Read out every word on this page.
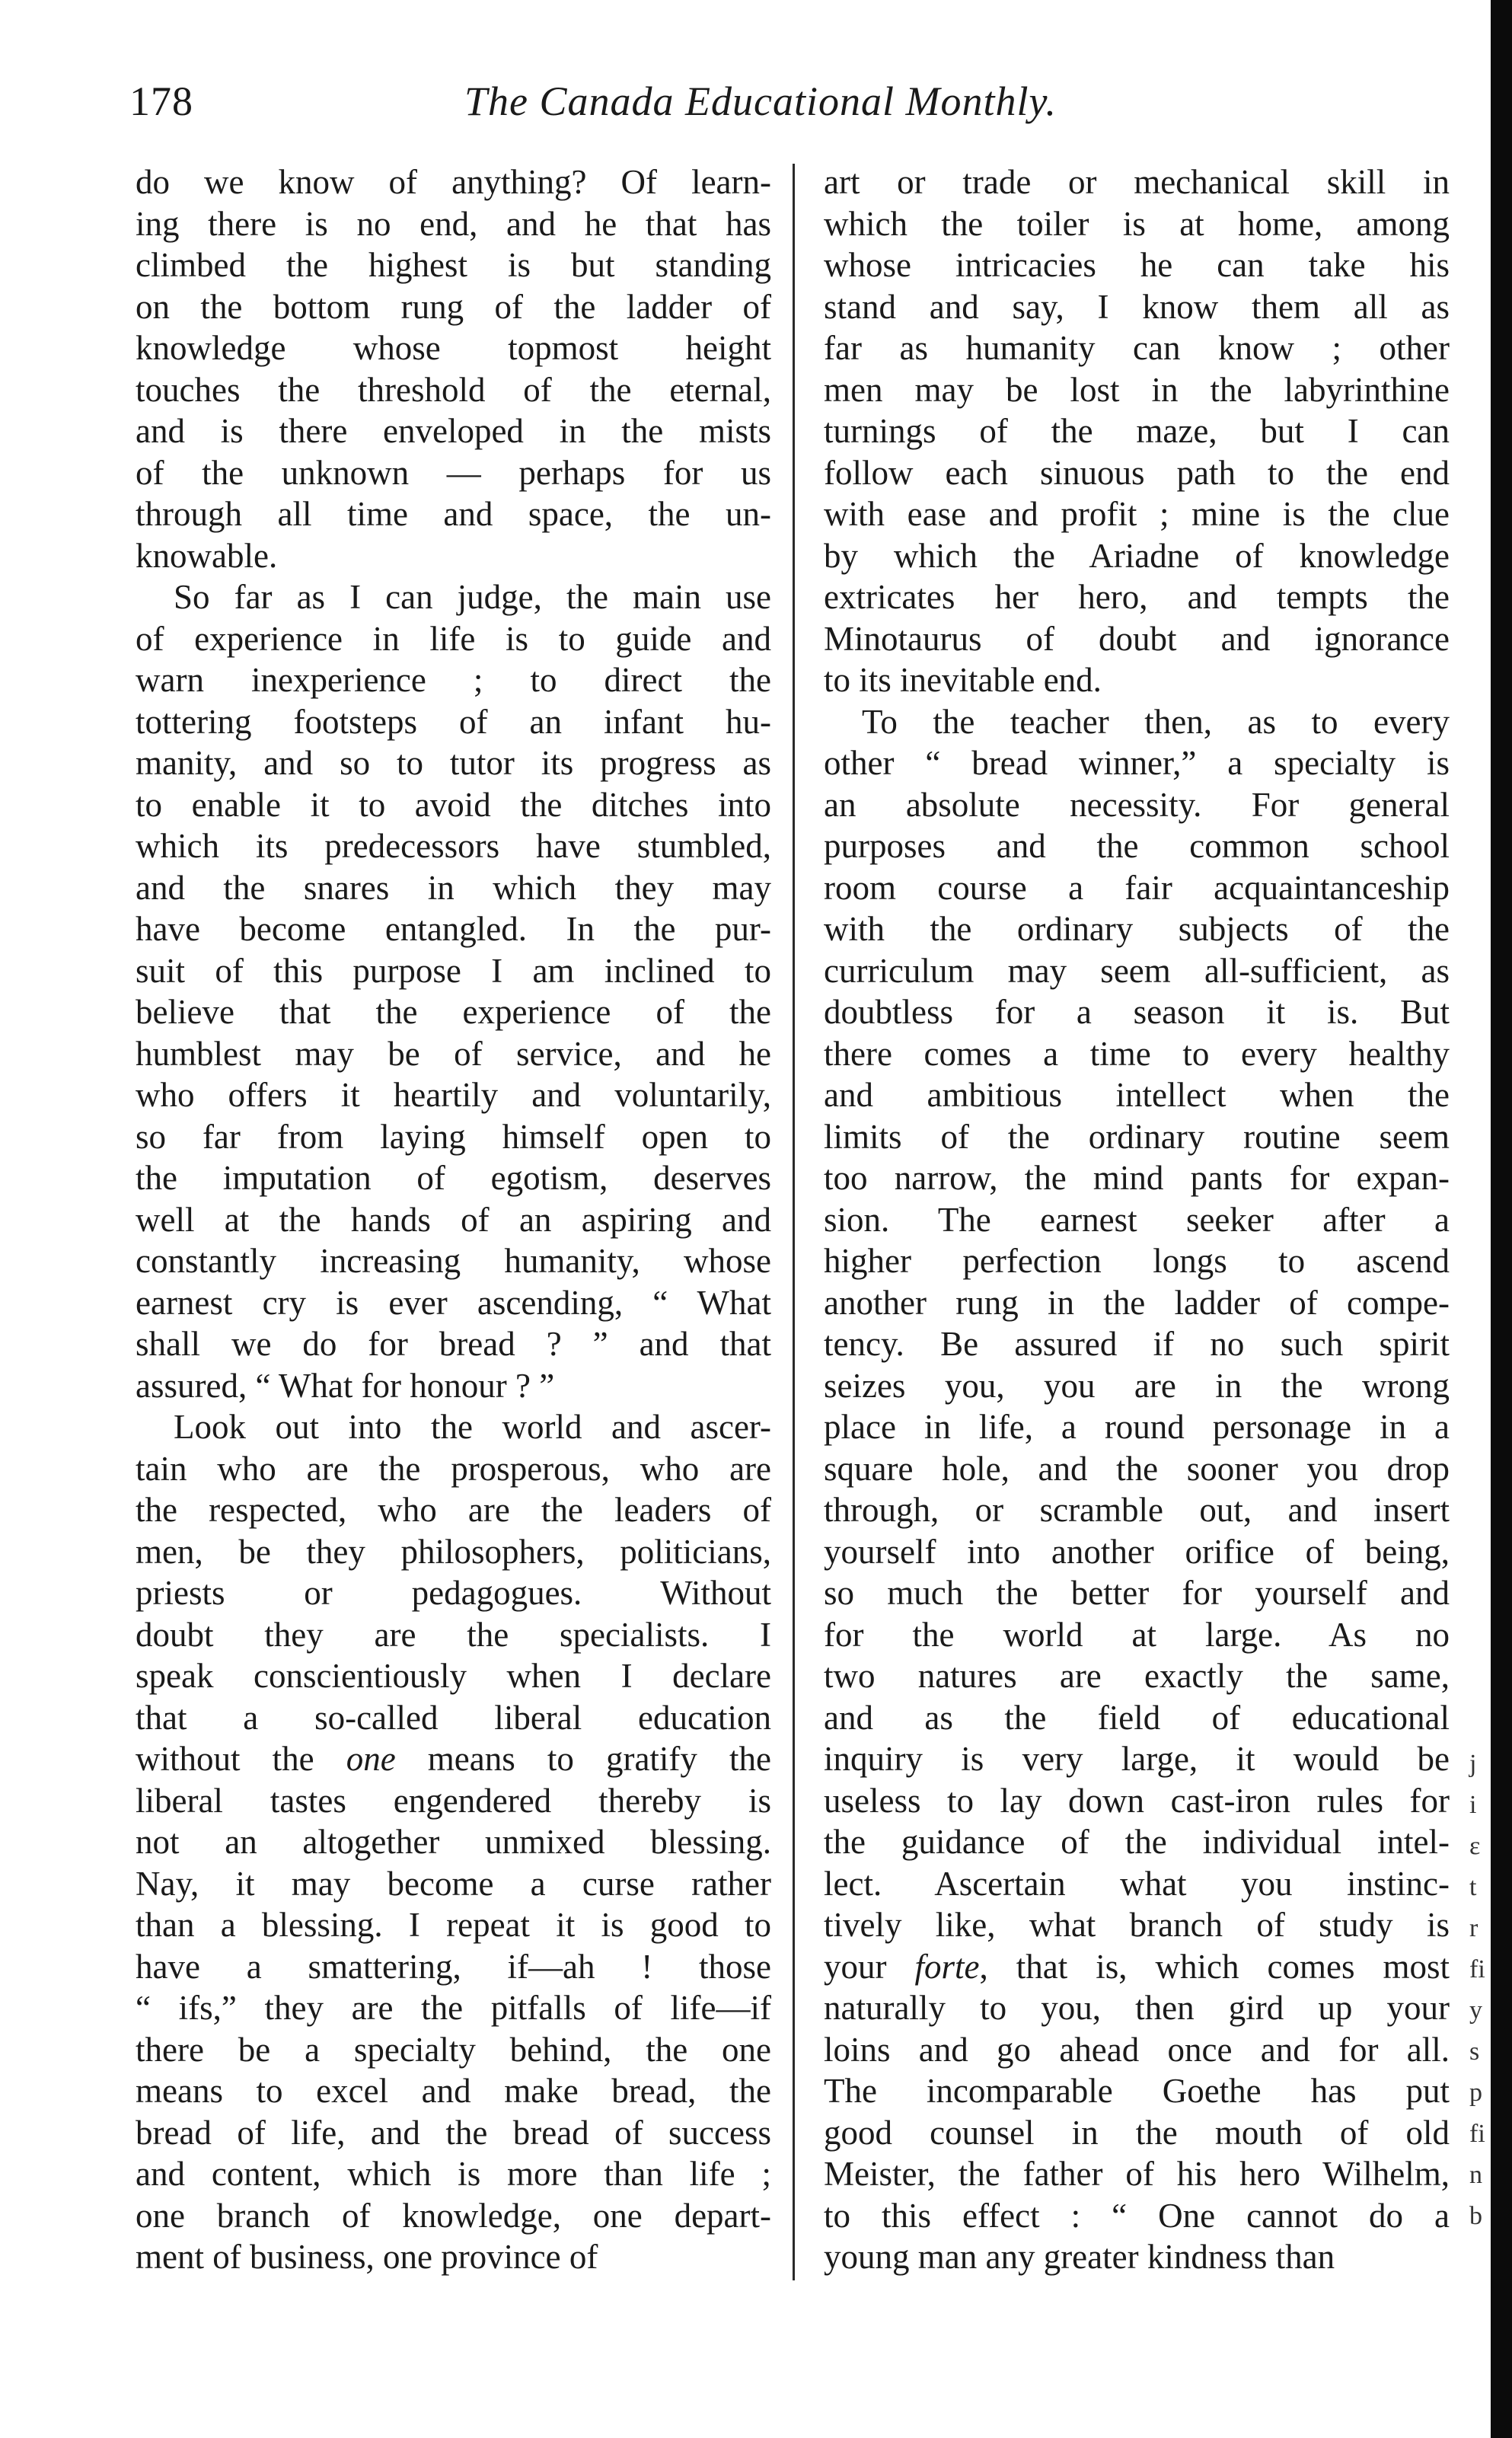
178	The Canada Educational Monthly.
do we know of anything? Of learn-
ing there is no end, and he that has
climbed the highest is but standing
on the bottom rung of the ladder of
knowledge whose topmost height
touches the threshold of the eternal,
and is there enveloped in the mists
of the unknown — perhaps for us
through all time and space, the un-
knowable.
So far as I can judge, the main use
of experience in life is to guide and
warn inexperience ; to direct the
tottering footsteps of an infant hu-
manity, and so to tutor its progress as
to enable it to avoid the ditches into
which its predecessors have stumbled,
and the snares in which they may
have become entangled. In the pur-
suit of this purpose I am inclined to
believe that the experience of the
humblest may be of service, and he
who offers it heartily and voluntarily,
so far from laying himself open to
the imputation of egotism, deserves
well at the hands of an aspiring and
constantly increasing humanity, whose
earnest cry is ever ascending, “ What
shall we do for bread ? ” and that
assured, “ What for honour ? ”
Look out into the world and ascer-
tain who are the prosperous, who are
the respected, who are the leaders of
men, be they philosophers, politicians,
priests or pedagogues. Without
doubt they are the specialists. I
speak conscientiously when I declare
that a so-called liberal education
without the one means to gratify the
liberal tastes engendered thereby is
not an altogether unmixed blessing.
Nay, it may become a curse rather
than a blessing. I repeat it is good to
have a smattering, if—ah ! those
“ ifs,” they are the pitfalls of life—if
there be a specialty behind, the one
means to excel and make bread, the
bread of life, and the bread of success
and content, which is more than life ;
one branch of knowledge, one depart-
ment of business, one province of
art or trade or mechanical skill in
which the toiler is at home, among
whose intricacies he can take his
stand and say, I know them all as
far as humanity can know ; other
men may be lost in the labyrinthine
turnings of the maze, but I can
follow each sinuous path to the end
with ease and profit ; mine is the clue
by which the Ariadne of knowledge
extricates her hero, and tempts the
Minotaurus of doubt and ignorance
to its inevitable end.
To the teacher then, as to every
other “ bread winner,” a specialty is
an absolute necessity. For general
purposes and the common school
room course a fair acquaintanceship
with the ordinary subjects of the
curriculum may seem all-sufficient, as
doubtless for a season it is. But
there comes a time to every healthy
and ambitious intellect when the
limits of the ordinary routine seem
too narrow, the mind pants for expan-
sion. The earnest seeker after a
higher perfection longs to ascend
another rung in the ladder of compe-
tency. Be assured if no such spirit
seizes you, you are in the wrong
place in life, a round personage in a
square hole, and the sooner you drop
through, or scramble out, and insert
yourself into another orifice of being,
so much the better for yourself and
for the world at large. As no
two natures are exactly the same,
and as the field of educational
inquiry is very large, it would be
useless to lay down cast-iron rules for
the guidance of the individual intel-
lect. Ascertain what you instinc-
tively like, what branch of study is
your forte, that is, which comes most
naturally to you, then gird up your
loins and go ahead once and for all.
The incomparable Goethe has put
good counsel in the mouth of old
Meister, the father of his hero Wilhelm,
to this effect : “ One cannot do a
young man any greater kindness than
j
i
ε
t
r
fi
y
s
p
fi
n
b
